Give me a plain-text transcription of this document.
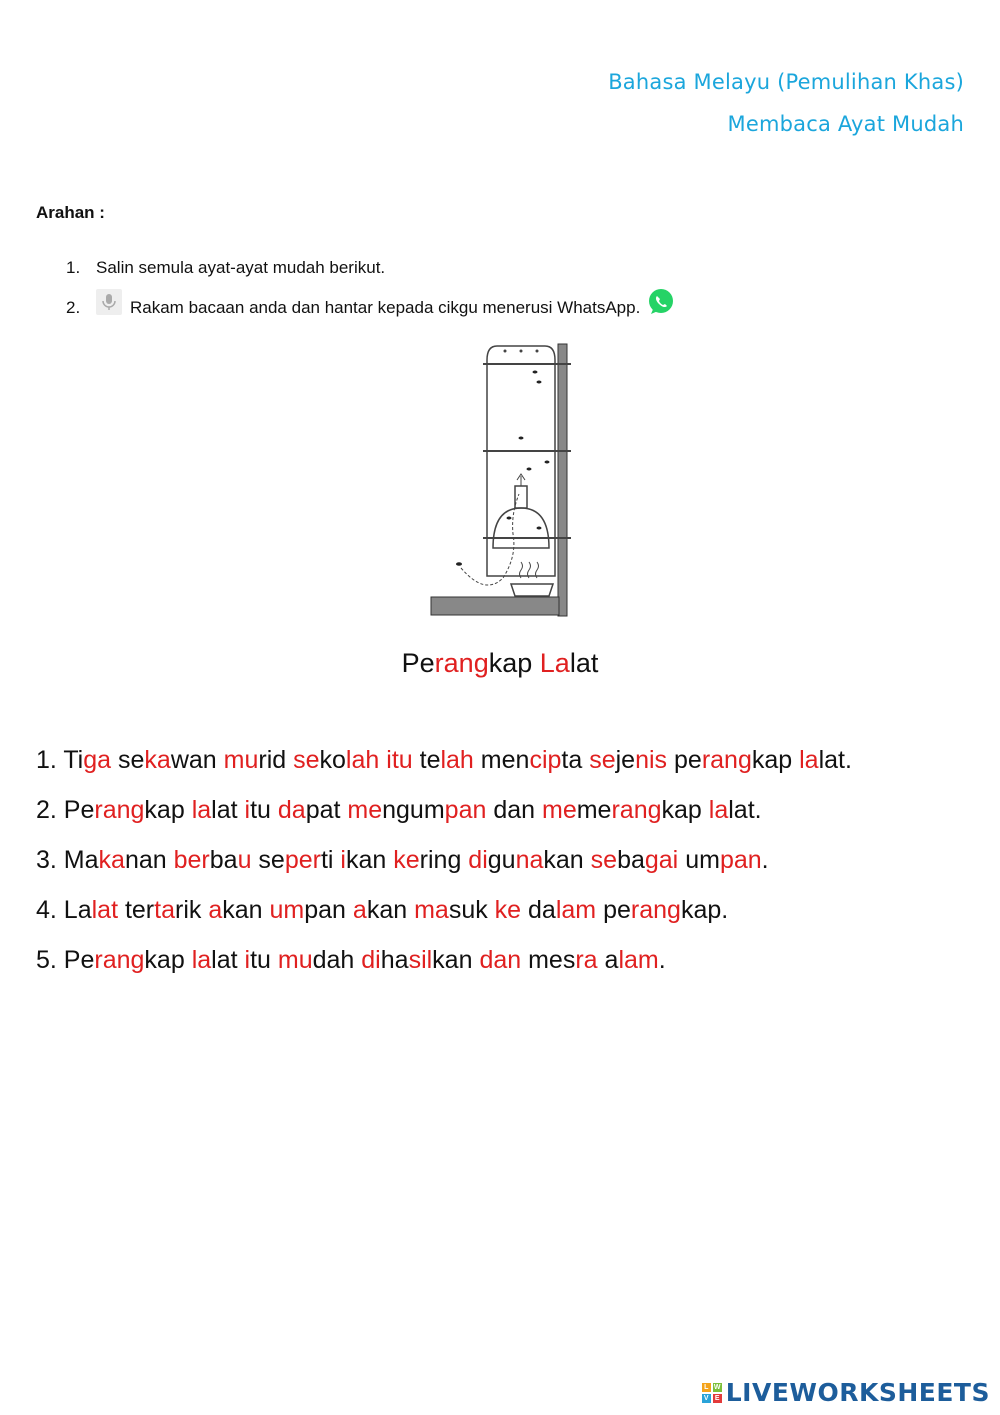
Bahasa Melayu (Pemulihan Khas)
Membaca Ayat Mudah
Arahan :
1. Salin semula ayat-ayat mudah berikut.
2.	Rakam bacaan anda dan hantar kepada cikgu menerusi WhatsApp.
Perangkap Lalat
1. Tiga sekawan murid sekolah itu telah mencipta sejenis perangkap lalat.
2. Perangkap lalat itu dapat mengumpan dan memerangkap lalat.
3. Makanan berbau seperti ikan kering digunakan sebagai umpan.
4. Lalat tertarik akan umpan akan masuk ke dalam perangkap.
5. Perangkap lalat itu mudah dihasilkan dan mesra alam.
L W
V E LIVEWORKSHEETS
